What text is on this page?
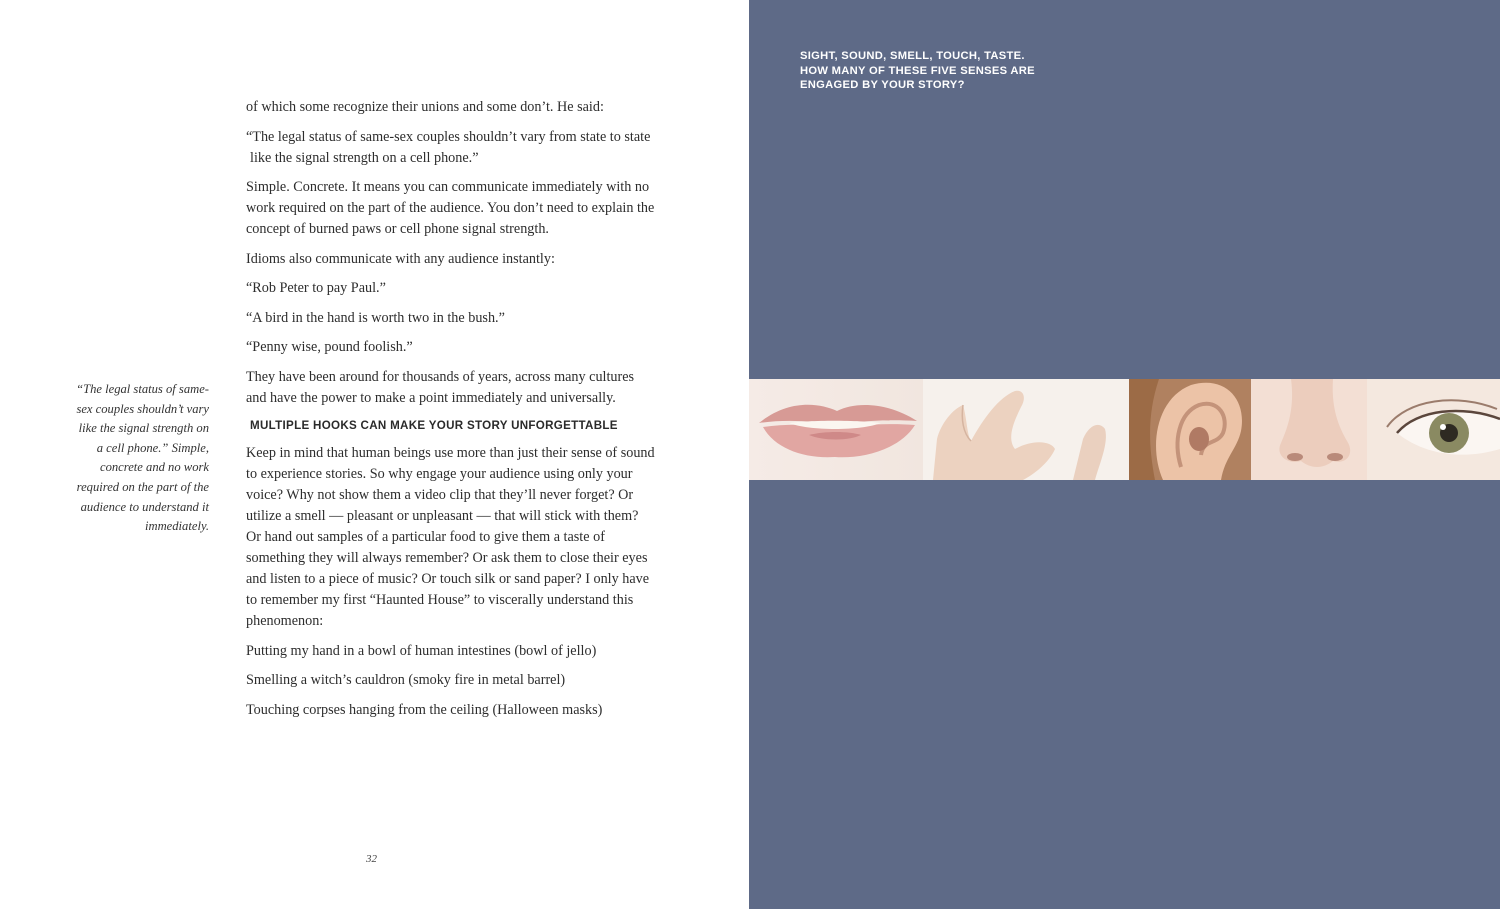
of which some recognize their unions and some don’t. He said:

“The legal status of same-sex couples shouldn’t vary from state to state like the signal strength on a cell phone.”

Simple. Concrete. It means you can communicate immediately with no work required on the part of the audience. You don’t need to explain the concept of burned paws or cell phone signal strength.

Idioms also communicate with any audience instantly:

“Rob Peter to pay Paul.”

“A bird in the hand is worth two in the bush.”

“Penny wise, pound foolish.”

They have been around for thousands of years, across many cultures and have the power to make a point immediately and universally.

MULTIPLE HOOKS CAN MAKE YOUR STORY UNFORGETTABLE

Keep in mind that human beings use more than just their sense of sound to experience stories. So why engage your audience using only your voice? Why not show them a video clip that they’ll never forget? Or utilize a smell — pleasant or unpleasant — that will stick with them? Or hand out samples of a particular food to give them a taste of something they will always remember? Or ask them to close their eyes and listen to a piece of music? Or touch silk or sand paper? I only have to remember my first “Haunted House” to viscerally understand this phenomenon:

Putting my hand in a bowl of human intestines (bowl of jello)

Smelling a witch’s cauldron (smoky fire in metal barrel)

Touching corpses hanging from the ceiling (Halloween masks)

“The legal status of same-sex couples shouldn’t vary like the signal strength on a cell phone.” Simple, concrete and no work required on the part of the audience to understand it immediately.
32
SIGHT, SOUND, SMELL, TOUCH, TASTE.
HOW MANY OF THESE FIVE SENSES ARE
ENGAGED BY YOUR STORY?
